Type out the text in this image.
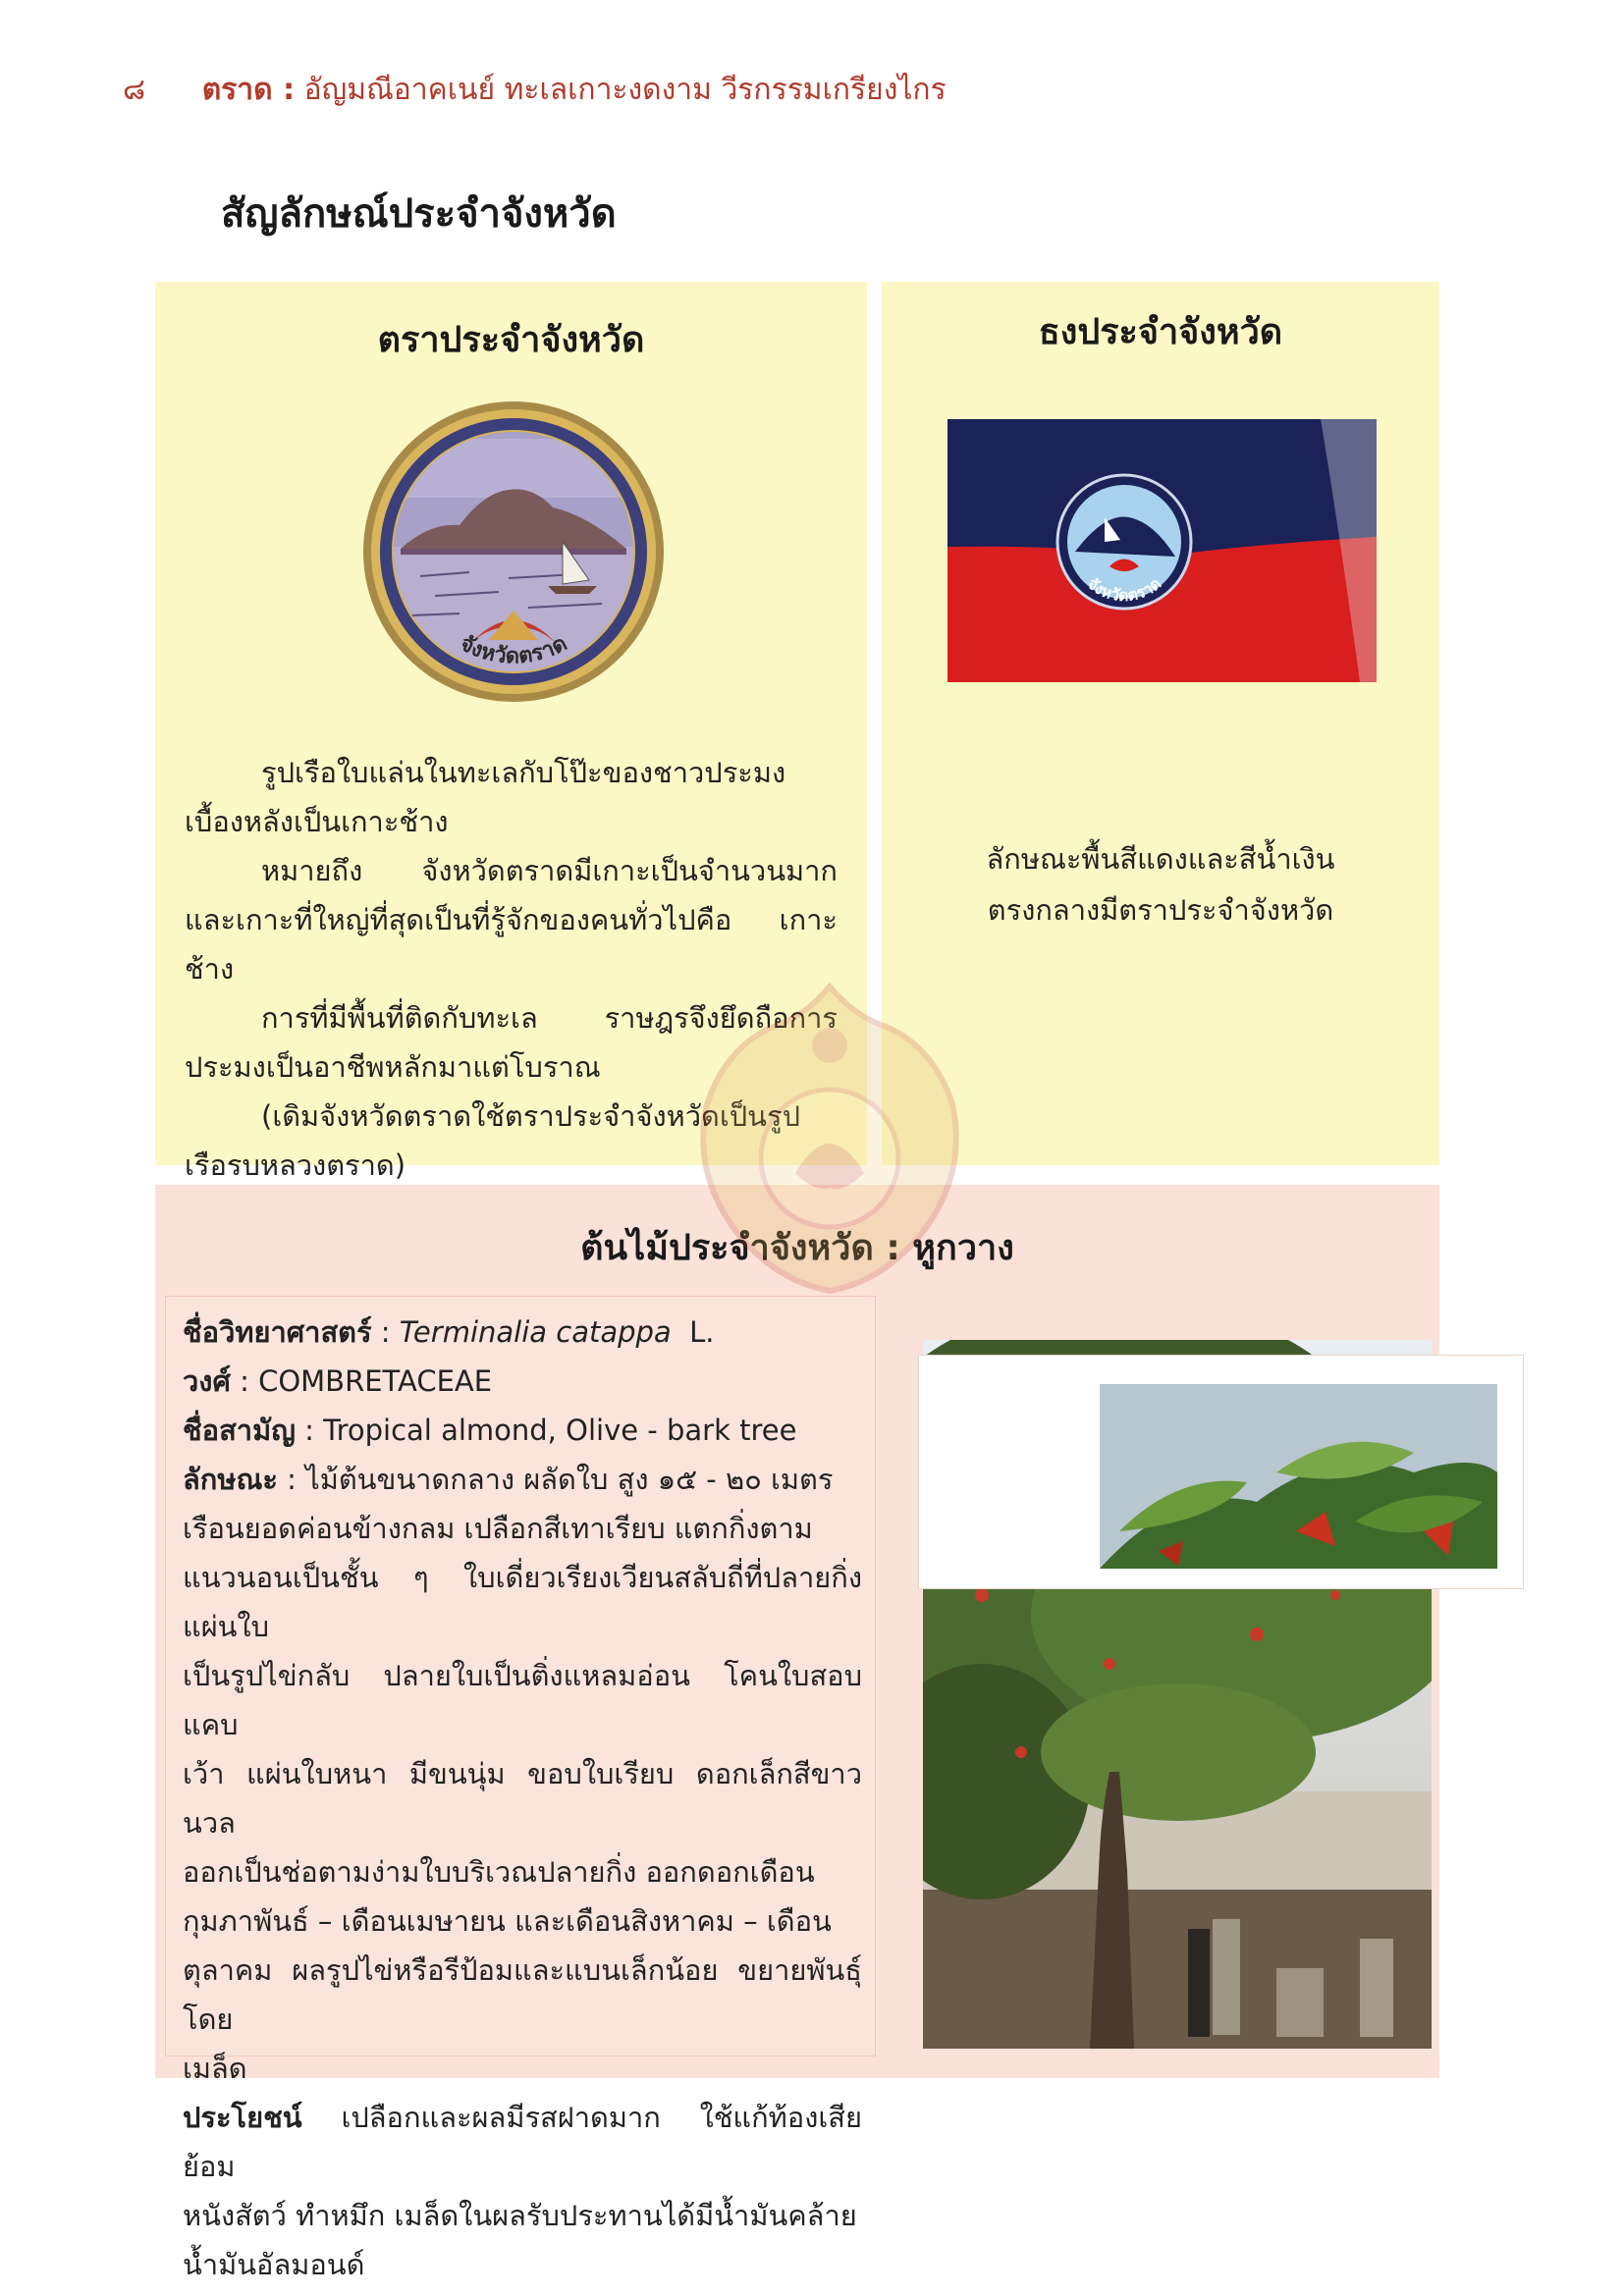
๘ ตราด : อัญมณีอาคเนย์ ทะเลเกาะงดงาม วีรกรรมเกรียงไกร
สัญลักษณ์ประจำจังหวัด
ตราประจำจังหวัด
จังหวัดตราด

รูปเรือใบแล่นในทะเลกับโป๊ะของชาวประมง เบื้องหลังเป็นเกาะช้าง

หมายถึง จังหวัดตราดมีเกาะเป็นจำนวนมาก และเกาะที่ใหญ่ที่สุดเป็นที่รู้จักของคนทั่วไปคือ เกาะช้าง

การที่มีพื้นที่ติดกับทะเล ราษฎรจึงยึดถือการประมงเป็นอาชีพหลักมาแต่โบราณ

(เดิมจังหวัดตราดใช้ตราประจำจังหวัดเป็นรูปเรือรบหลวงตราด)

ธงประจำจังหวัด
จังหวัดตราด
ลักษณะพื้นสีแดงและสีน้ำเงิน
ตรงกลางมีตราประจำจังหวัด
ต้นไม้ประจำจังหวัด : หูกวาง
ชื่อวิทยาศาสตร์ : Terminalia catappa L.
วงศ์ : COMBRETACEAE
ชื่อสามัญ : Tropical almond, Olive - bark tree
ลักษณะ : ไม้ต้นขนาดกลาง ผลัดใบ สูง ๑๕ - ๒๐ เมตร
เรือนยอดค่อนข้างกลม เปลือกสีเทาเรียบ แตกกิ่งตาม
แนวนอนเป็นชั้น ๆ ใบเดี่ยวเรียงเวียนสลับถี่ที่ปลายกิ่ง แผ่นใบ
เป็นรูปไข่กลับ ปลายใบเป็นติ่งแหลมอ่อน โคนใบสอบแคบ
เว้า แผ่นใบหนา มีขนนุ่ม ขอบใบเรียบ ดอกเล็กสีขาวนวล
ออกเป็นช่อตามง่ามใบบริเวณปลายกิ่ง ออกดอกเดือน
กุมภาพันธ์ – เดือนเมษายน และเดือนสิงหาคม – เดือน
ตุลาคม ผลรูปไข่หรือรีป้อมและแบนเล็กน้อย ขยายพันธุ์โดย
เมล็ด
ประโยชน์ เปลือกและผลมีรสฝาดมาก ใช้แก้ท้องเสีย ย้อม
หนังสัตว์ ทำหมึก เมล็ดในผลรับประทานได้มีน้ำมันคล้าย
น้ำมันอัลมอนด์
